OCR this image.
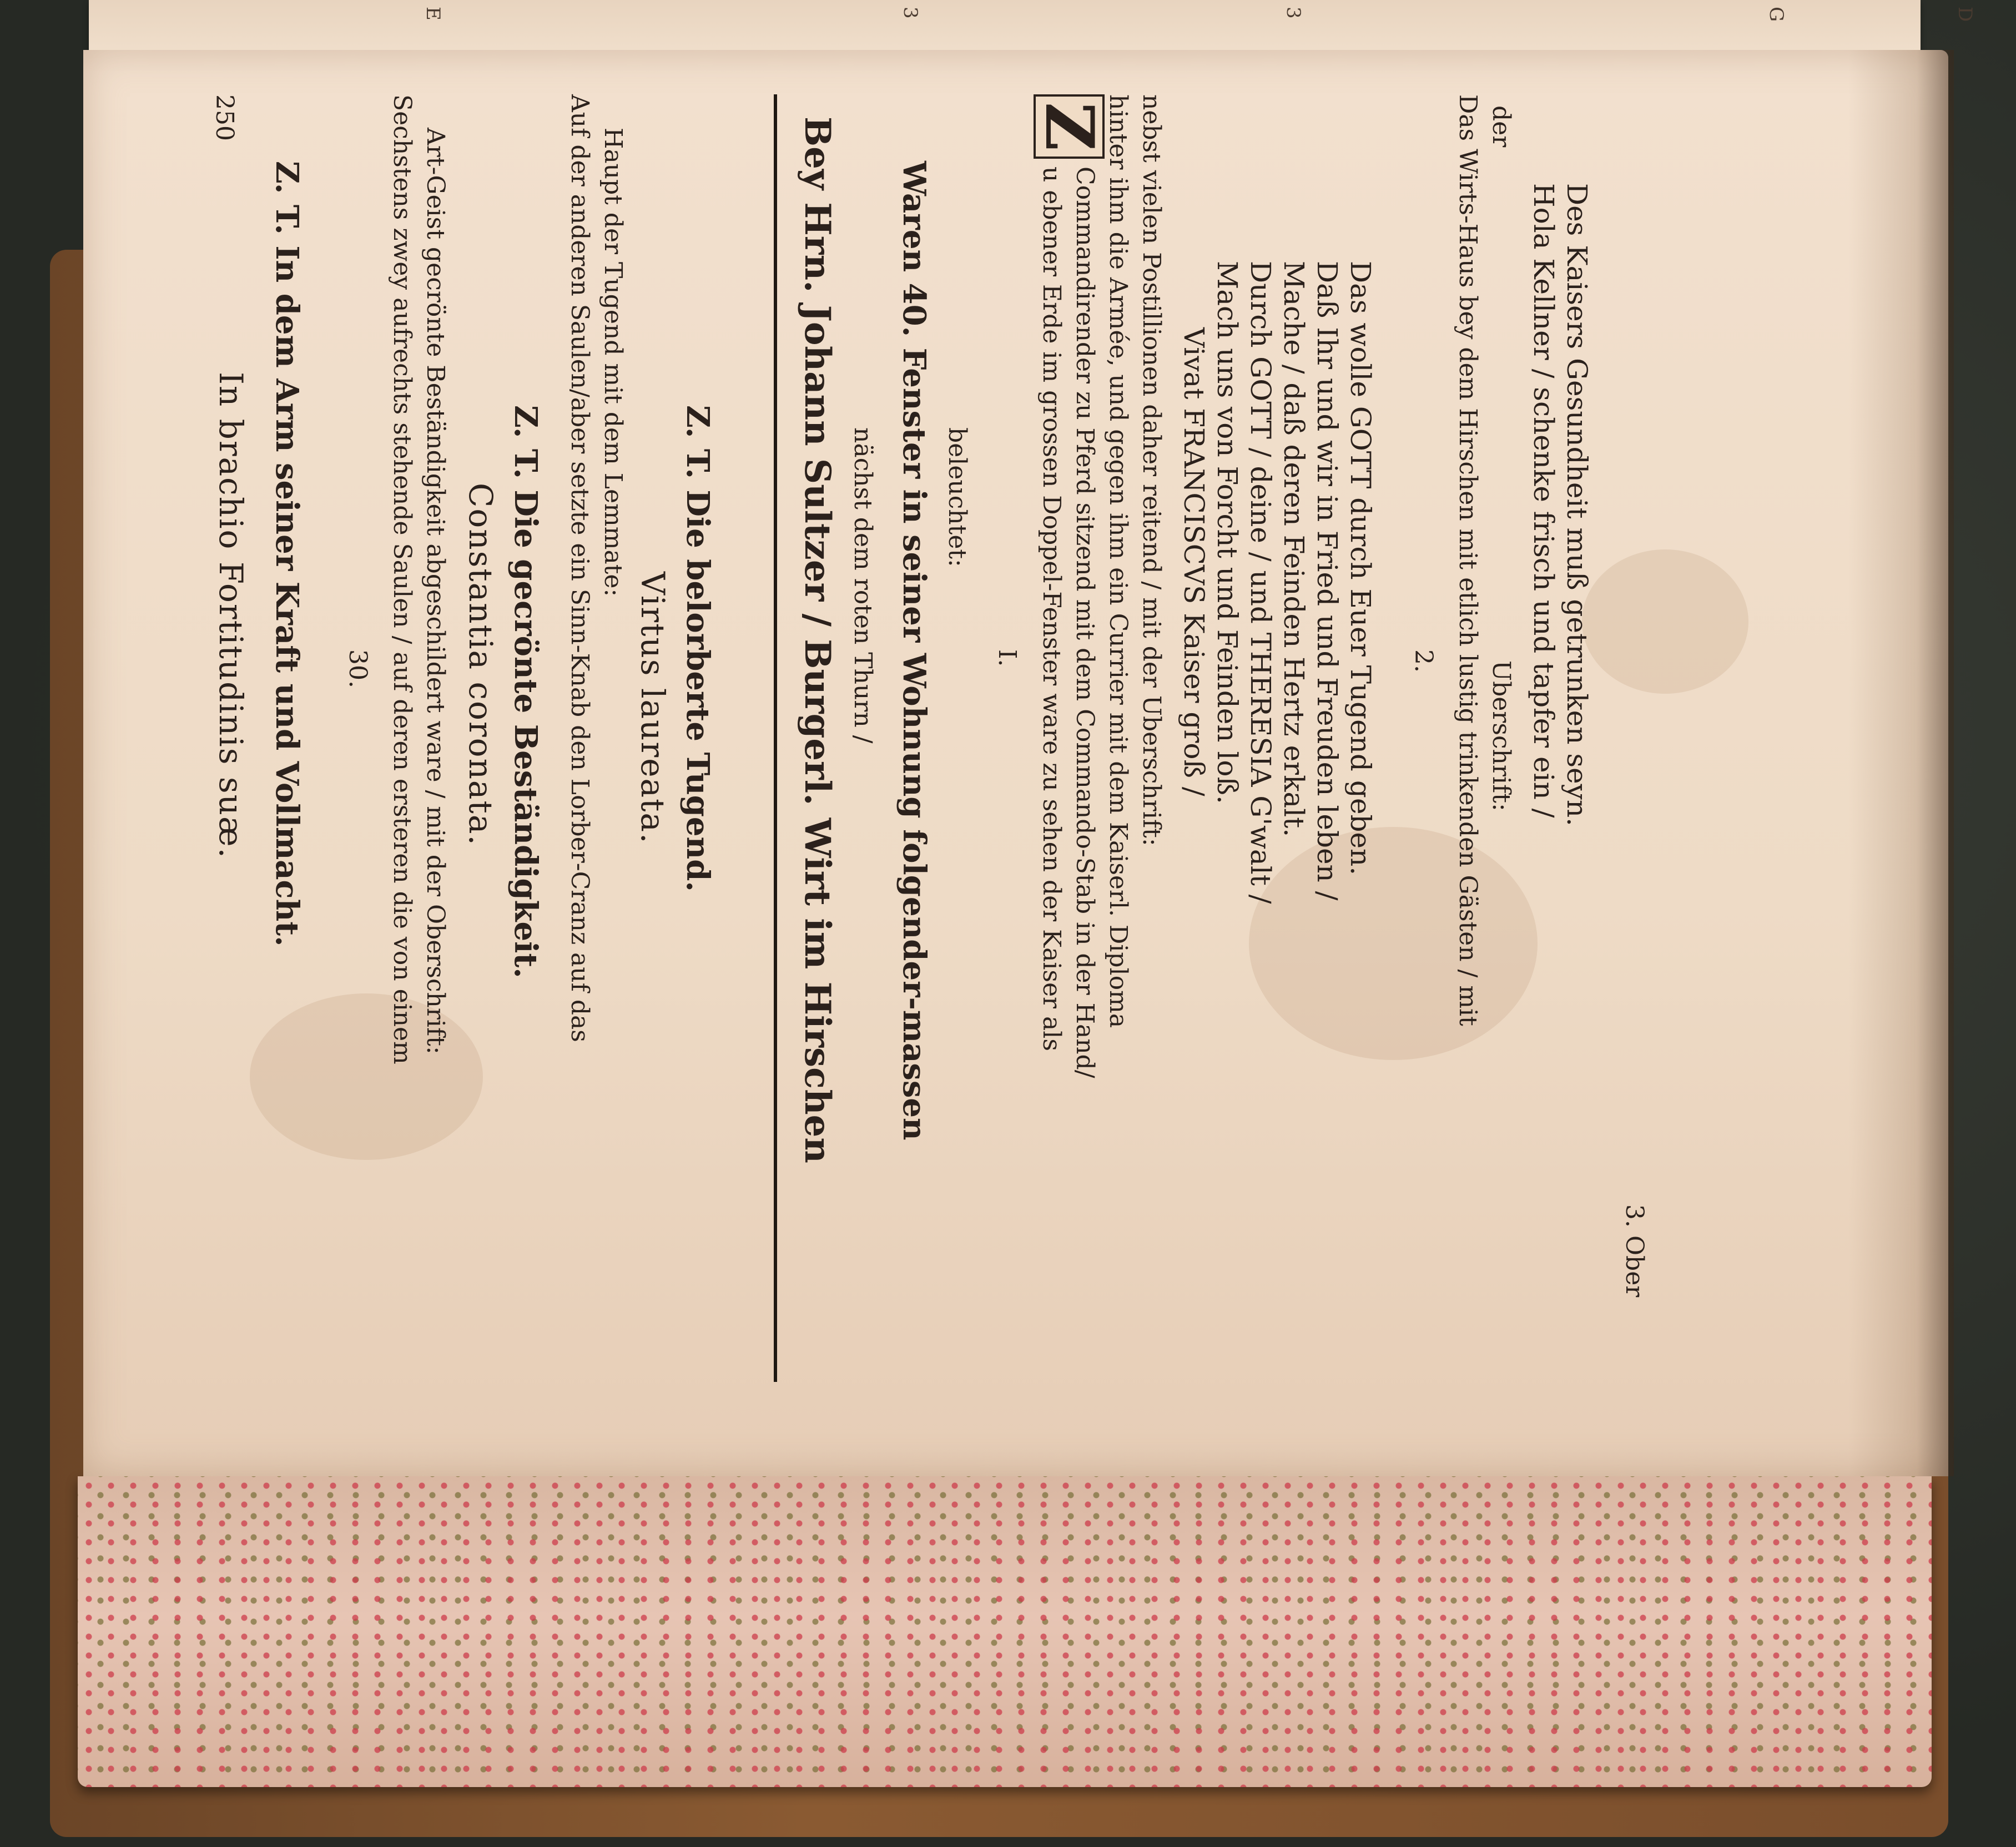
D
G
3
3
E
250
In brachio Fortitudinis suæ. Z. T. In dem Arm seiner Kraft und Vollmacht. 30. Sechstens zwey aufrechts stehende Saulen / auf deren ersteren die von einem Art-Geist gecrönte Beständigkeit abgeschildert ware / mit der Oberschrift: Constantia coronata. Z. T. Die gecrönte Beständigkeit. Auf der anderen Saulen/aber setzte ein Sinn-Knab den Lorber-Cranz auf das Haupt der Tugend mit dem Lemmate:
Virtus laureata. Z. T. Die belorberte Tugend. Bey Hrn. Johann Sultzer / Burgerl. Wirt im Hirschen nächst dem roten Thurn / Waren 40. Fenster in seiner Wohnung folgender-massen beleuchtet:
I.
Z
u ebener Erde im grossen Doppel-Fenster ware zu sehen der Kaiser als Commandirender zu Pferd sitzend mit dem Commando-Stab in der Hand/ hinter ihm die Armée, und gegen ihm ein Currier mit dem Kaiserl. Diploma nebst vielen Postillionen daher reitend / mit der Uberschrift: Vivat FRANCISCVS Kaiser groß / Mach uns von Forcht und Feinden loß. Durch GOTT / deine / und THERESIA G'walt / Mache / daß deren Feinden Hertz erkalt. Daß Ihr und wir in Fried und Freuden leben / Das wolle GOTT durch Euer Tugend geben. 2. Das Wirts-Haus bey dem Hirschen mit etlich lustig trinkenden Gästen / mit der
Uberschrift: Hola Kellner / schenke frisch und tapfer ein / Des Kaisers Gesundheit muß getrunken seyn.
3. Ober
